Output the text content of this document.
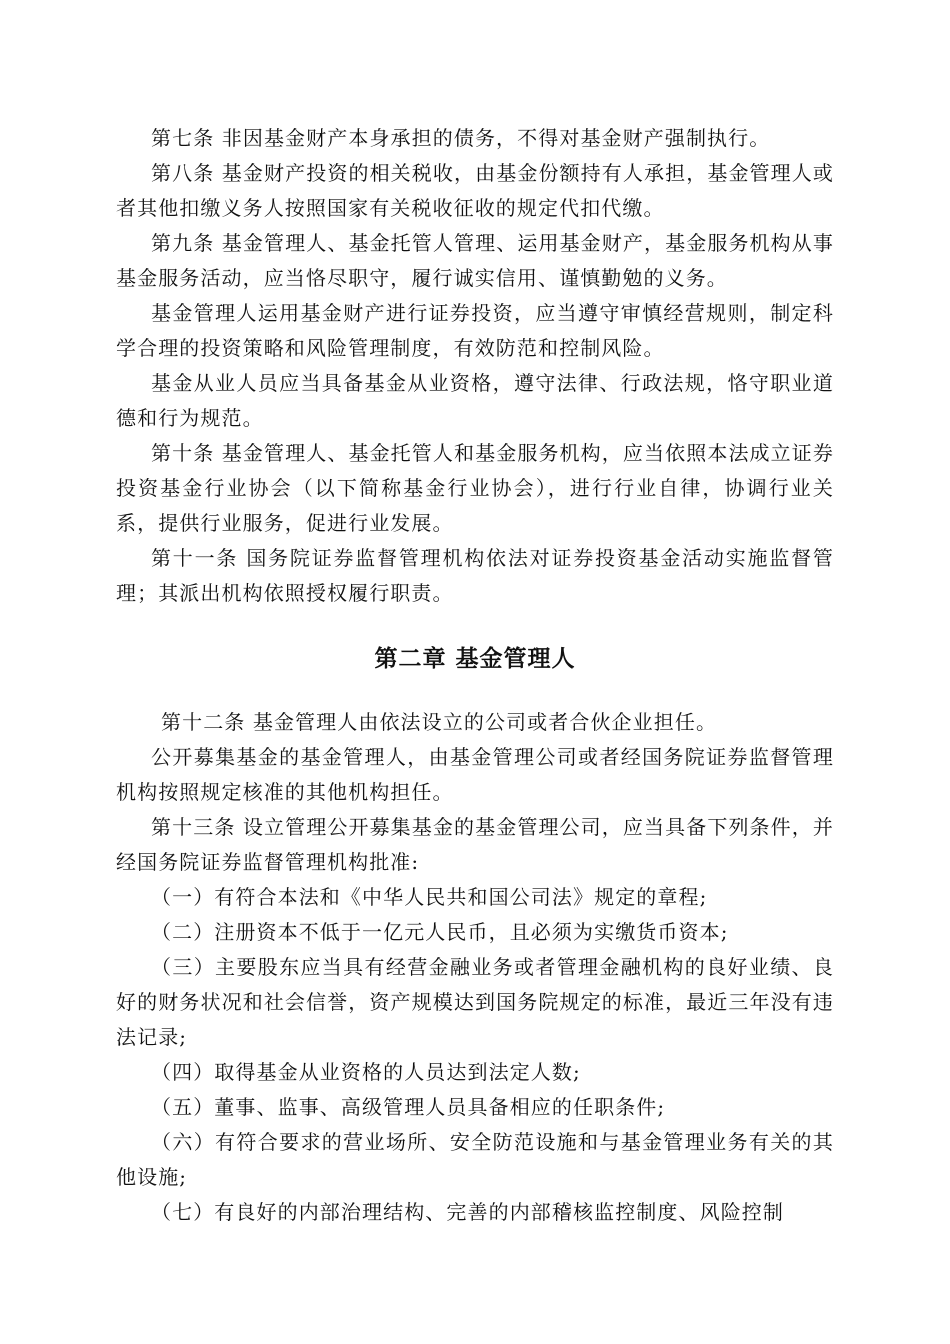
第七条 非因基金财产本身承担的债务，不得对基金财产强制执行。

第八条 基金财产投资的相关税收，由基金份额持有人承担，基金管理人或者其他扣缴义务人按照国家有关税收征收的规定代扣代缴。

第九条 基金管理人、基金托管人管理、运用基金财产，基金服务机构从事基金服务活动，应当恪尽职守，履行诚实信用、谨慎勤勉的义务。

基金管理人运用基金财产进行证券投资，应当遵守审慎经营规则，制定科学合理的投资策略和风险管理制度，有效防范和控制风险。

基金从业人员应当具备基金从业资格，遵守法律、行政法规，恪守职业道德和行为规范。

第十条 基金管理人、基金托管人和基金服务机构，应当依照本法成立证券投资基金行业协会（以下简称基金行业协会），进行行业自律，协调行业关系，提供行业服务，促进行业发展。

第十一条 国务院证券监督管理机构依法对证券投资基金活动实施监督管理；其派出机构依照授权履行职责。

第二章 基金管理人

第十二条 基金管理人由依法设立的公司或者合伙企业担任。

公开募集基金的基金管理人，由基金管理公司或者经国务院证券监督管理机构按照规定核准的其他机构担任。

第十三条 设立管理公开募集基金的基金管理公司，应当具备下列条件，并经国务院证券监督管理机构批准:

（一）有符合本法和《中华人民共和国公司法》规定的章程;

（二）注册资本不低于一亿元人民币，且必须为实缴货币资本;

（三）主要股东应当具有经营金融业务或者管理金融机构的良好业绩、良好的财务状况和社会信誉，资产规模达到国务院规定的标准，最近三年没有违法记录;

（四）取得基金从业资格的人员达到法定人数;

（五）董事、监事、高级管理人员具备相应的任职条件;

（六）有符合要求的营业场所、安全防范设施和与基金管理业务有关的其他设施;

（七）有良好的内部治理结构、完善的内部稽核监控制度、风险控制
